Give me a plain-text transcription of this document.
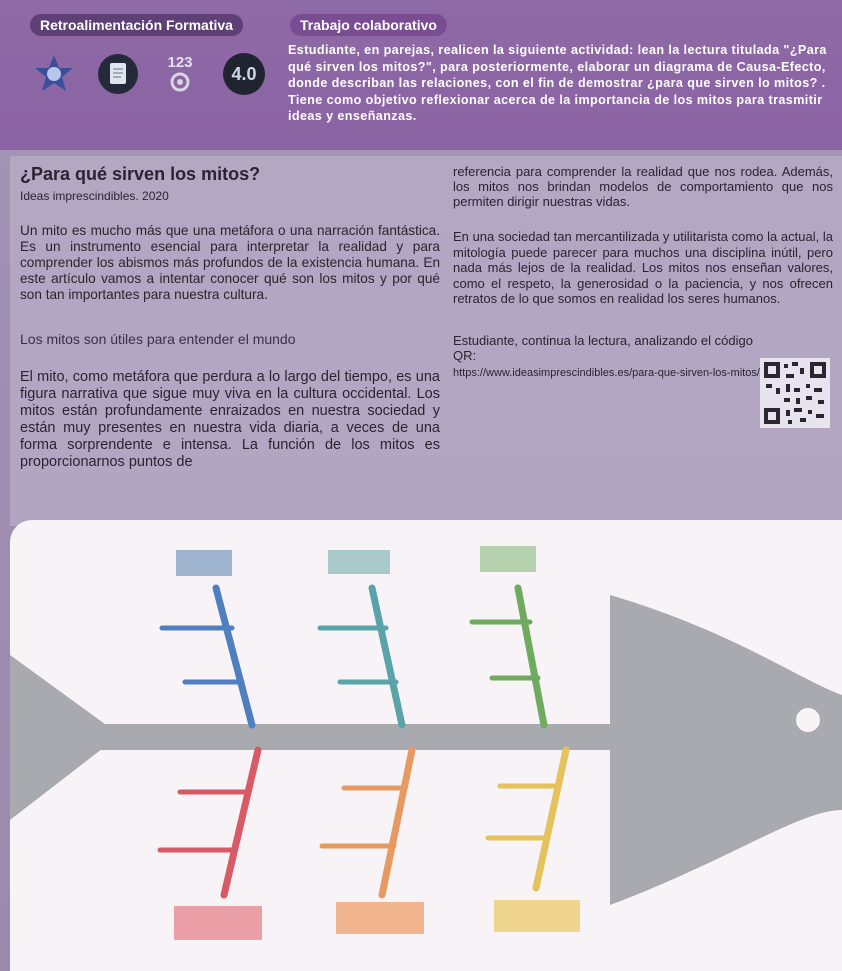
Retroalimentación Formativa	Trabajo colaborativo
123
4.0
Estudiante, en parejas, realicen la siguiente actividad: lean la lectura titulada "¿Para qué sirven los mitos?", para posteriormente, elaborar un diagrama de Causa-Efecto, donde describan las relaciones, con el fin de demostrar ¿para que sirven lo mitos? . Tiene como objetivo reflexionar acerca de la importancia de los mitos para trasmitir ideas y enseñanzas.
¿Para qué sirven los mitos?
Ideas imprescindibles. 2020

Un mito es mucho más que una metáfora o una narración fantástica. Es un instrumento esencial para interpretar la realidad y para comprender los abismos más profundos de la existencia humana. En este artículo vamos a intentar conocer qué son los mitos y por qué son tan importantes para nuestra cultura.

Los mitos son útiles para entender el mundo

El mito, como metáfora que perdura a lo largo del tiempo, es una figura narrativa que sigue muy viva en la cultura occidental. Los mitos están profundamente enraizados en nuestra sociedad y están muy presentes en nuestra vida diaria, a veces de una forma sorprendente e intensa. La función de los mitos es proporcionarnos puntos de

referencia para comprender la realidad que nos rodea. Además, los mitos nos brindan modelos de comportamiento que nos permiten dirigir nuestras vidas.

En una sociedad tan mercantilizada y utilitarista como la actual, la mitología puede parecer para muchos una disciplina inútil, pero nada más lejos de la realidad. Los mitos nos enseñan valores, como el respeto, la generosidad o la paciencia, y nos ofrecen retratos de lo que somos en realidad los seres humanos.

Estudiante, continua la lectura, analizando el código QR:

https://www.ideasimprescindibles.es/para-que-sirven-los-mitos/
